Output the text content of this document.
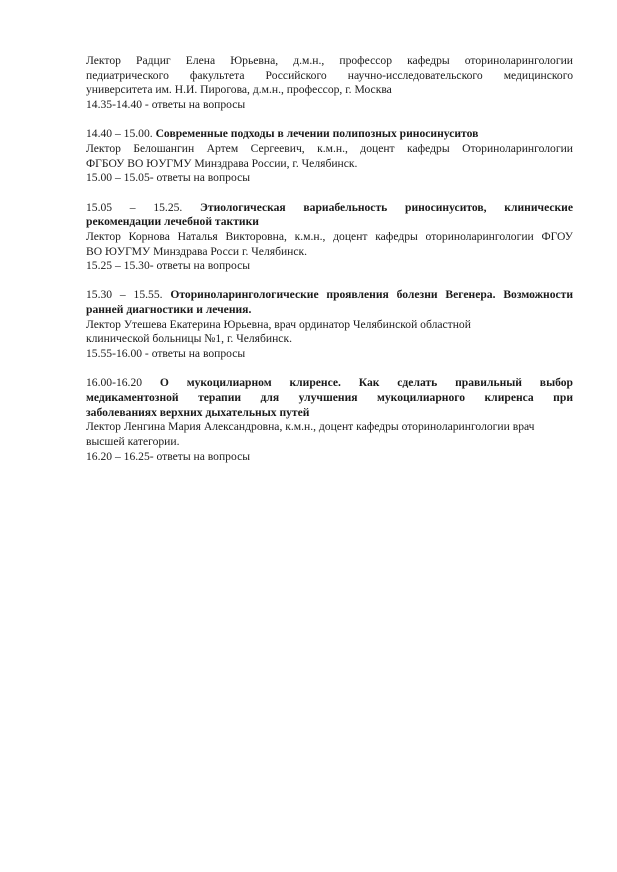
Лектор Радциг Елена Юрьевна, д.м.н., профессор кафедры оториноларингологии
педиатрического факультета Российского научно-исследовательского медицинского
университета им. Н.И. Пирогова, д.м.н., профессор, г. Москва
14.35-14.40 - ответы на вопросы
14.40 – 15.00. Современные подходы в лечении полипозных риносинуситов
Лектор Белошангин Артем Сергеевич, к.м.н., доцент кафедры Оториноларингологии
ФГБОУ ВО ЮУГМУ Минздрава России, г. Челябинск.
15.00 – 15.05- ответы на вопросы
15.05 – 15.25. Этиологическая вариабельность риносинуситов, клинические
рекомендации лечебной тактики
Лектор Корнова Наталья Викторовна, к.м.н., доцент кафедры оториноларингологии ФГОУ
ВО ЮУГМУ Минздрава Росси г. Челябинск.
15.25 – 15.30- ответы на вопросы
15.30 – 15.55. Оториноларингологические проявления болезни Вегенера. Возможности
ранней диагностики и лечения.
Лектор Утешева Екатерина Юрьевна, врач ординатор Челябинской областной
клинической больницы №1, г. Челябинск.
15.55-16.00 - ответы на вопросы
16.00-16.20 О мукоцилиарном клиренсе. Как сделать правильный выбор
медикаментозной терапии для улучшения мукоцилиарного клиренса при
заболеваниях верхних дыхательных путей
Лектор Ленгина Мария Александровна, к.м.н., доцент кафедры оториноларингологии врач
высшей категории.
16.20 – 16.25- ответы на вопросы
